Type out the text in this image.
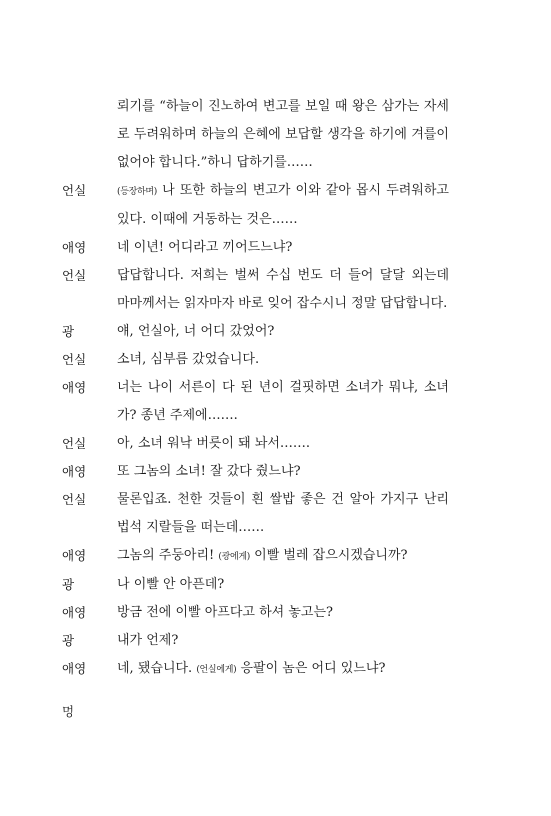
뢰기를 “하늘이 진노하여 변고를 보일 때 왕은 삼가는 자세
로 두려워하며 하늘의 은혜에 보답할 생각을 하기에 겨를이
없어야 합니다.”하니 답하기를……
언실	(등장하며) 나 또한 하늘의 변고가 이와 같아 몹시 두려워하고
있다. 이때에 거동하는 것은……
애영 네 이년! 어디라고 끼어드느냐?
언실 답답합니다. 저희는 벌써 수십 번도 더 들어 달달 외는데
마마께서는 읽자마자 바로 잊어 잡수시니 정말 답답합니다.
광	얘, 언실아, 너 어디 갔었어?
언실 소녀, 심부름 갔었습니다.
애영 너는 나이 서른이 다 된 년이 걸핏하면 소녀가 뭐냐, 소녀
가? 종년 주제에…….
언실 아, 소녀 워낙 버릇이 돼 놔서…….
애영 또 그놈의 소녀! 잘 갔다 줬느냐?
언실 물론입죠. 천한 것들이 흰 쌀밥 좋은 건 알아 가지구 난리
법석 지랄들을 떠는데……
애영 그놈의 주둥아리! (광에게) 이빨 벌레 잡으시겠습니까?
광	나 이빨 안 아픈데?
애영 방금 전에 이빨 아프다고 하셔 놓고는?
광	내가 언제?
애영 네, 됐습니다. (언실에게) 응팔이 놈은 어디 있느냐?
멍
